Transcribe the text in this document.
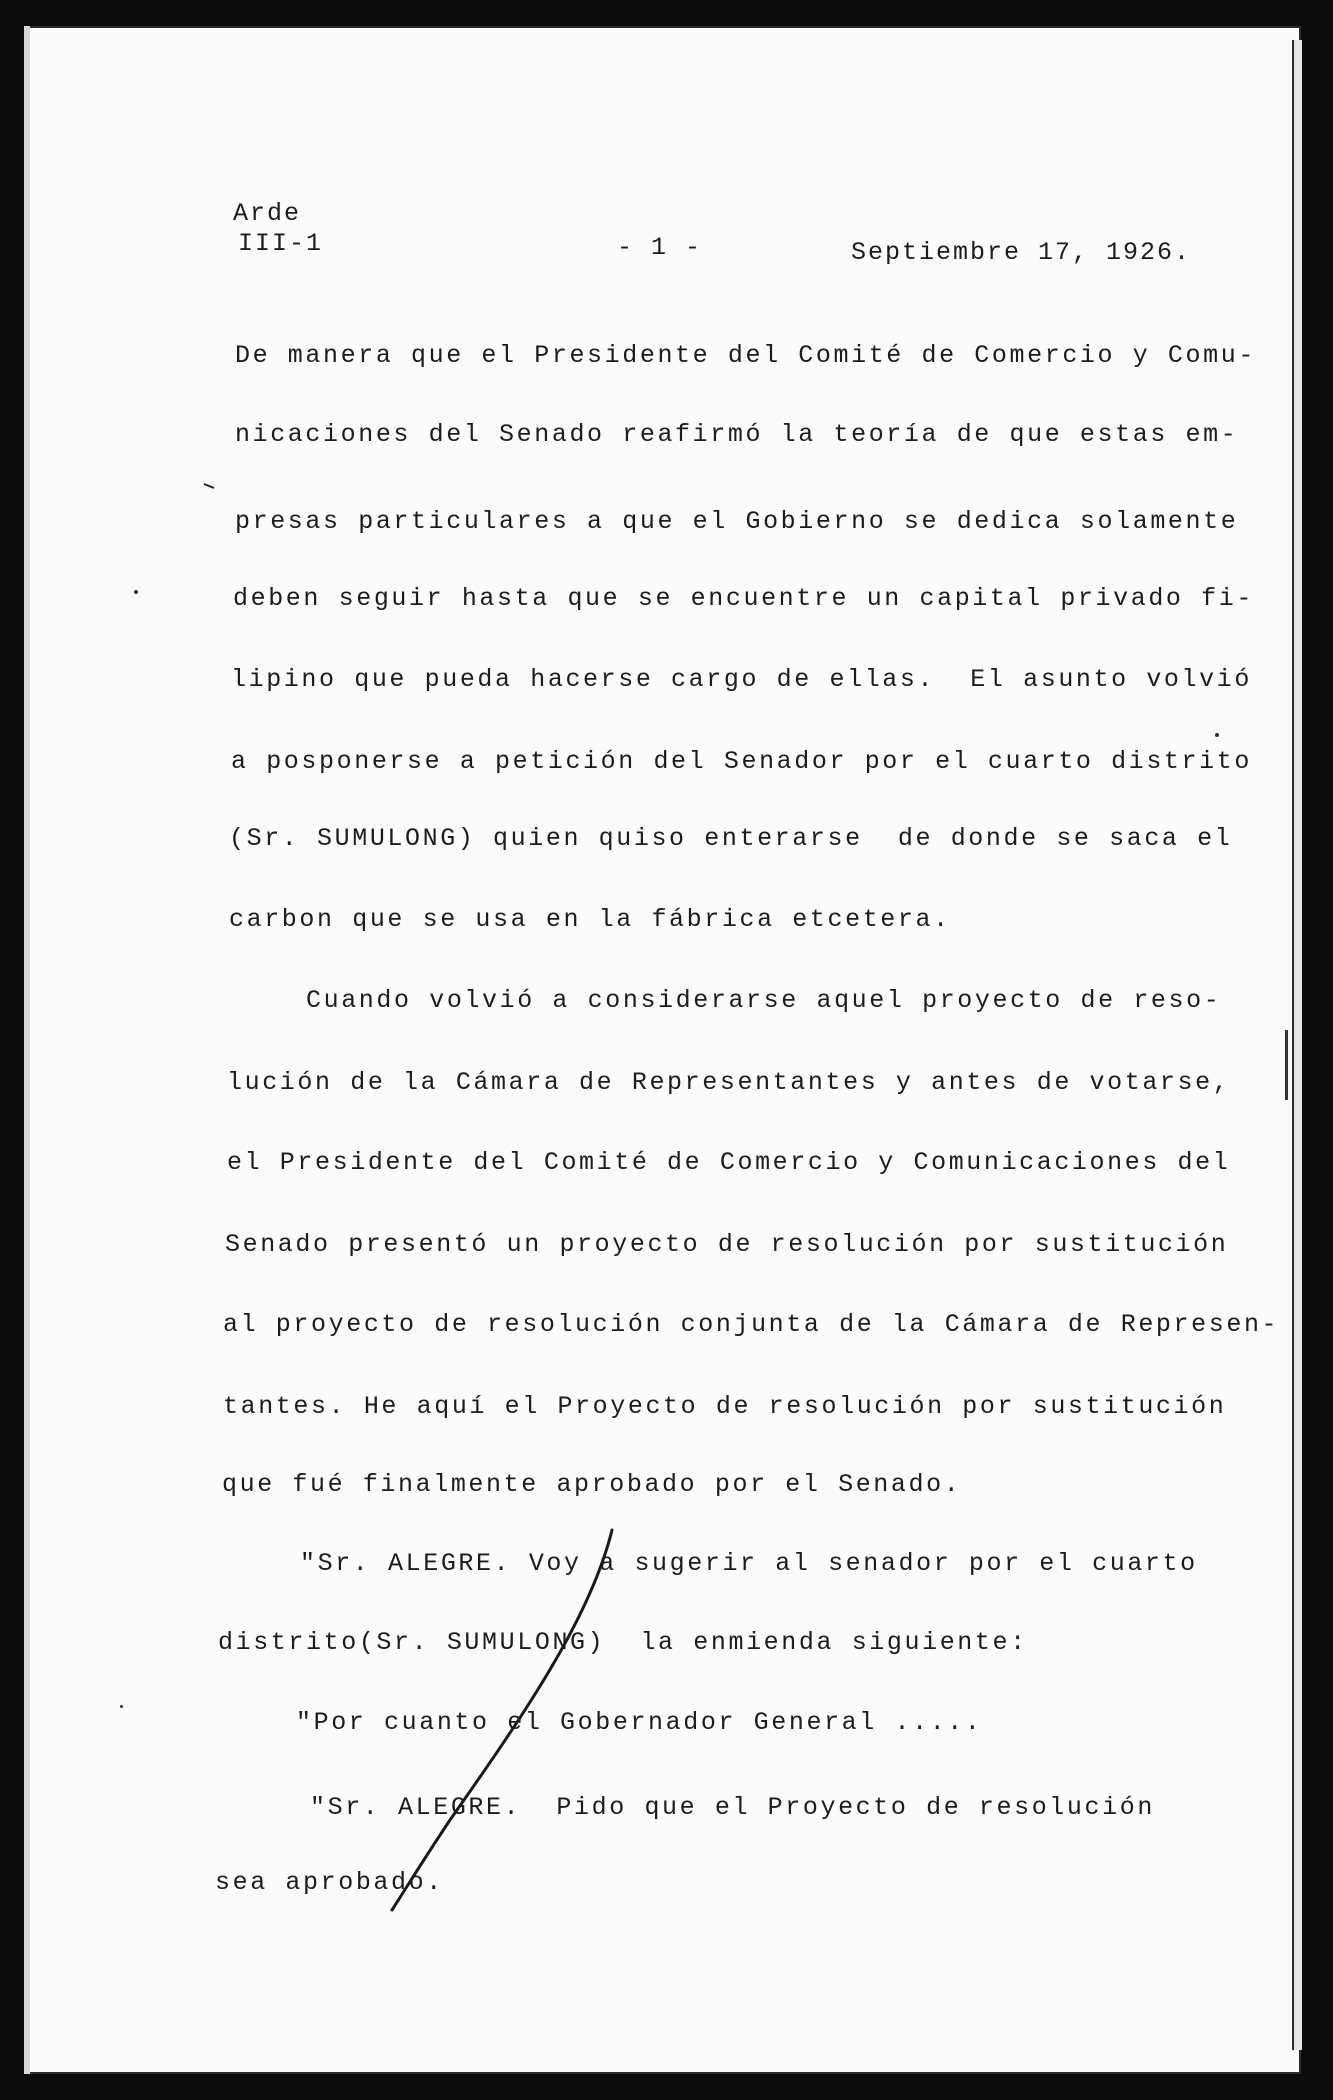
Arde
III-1	- 1 -	Septiembre 17, 1926.
De manera que el Presidente del Comité de Comercio y Comu-
nicaciones del Senado reafirmó la teoría de que estas em-
presas particulares a que el Gobierno se dedica solamente
deben seguir hasta que se encuentre un capital privado fi-
lipino que pueda hacerse cargo de ellas.  El asunto volvió
a posponerse a petición del Senador por el cuarto distrito
(Sr. SUMULONG) quien quiso enterarse  de donde se saca el
carbon que se usa en la fábrica etcetera.
Cuando volvió a considerarse aquel proyecto de reso-
lución de la Cámara de Representantes y antes de votarse,
el Presidente del Comité de Comercio y Comunicaciones del
Senado presentó un proyecto de resolución por sustitución
al proyecto de resolución conjunta de la Cámara de Represen-
tantes. He aquí el Proyecto de resolución por sustitución
que fué finalmente aprobado por el Senado.
"Sr. ALEGRE. Voy a sugerir al senador por el cuarto
distrito(Sr. SUMULONG)  la enmienda siguiente:
"Por cuanto el Gobernador General .....
"Sr. ALEGRE.  Pido que el Proyecto de resolución
sea aprobado.
